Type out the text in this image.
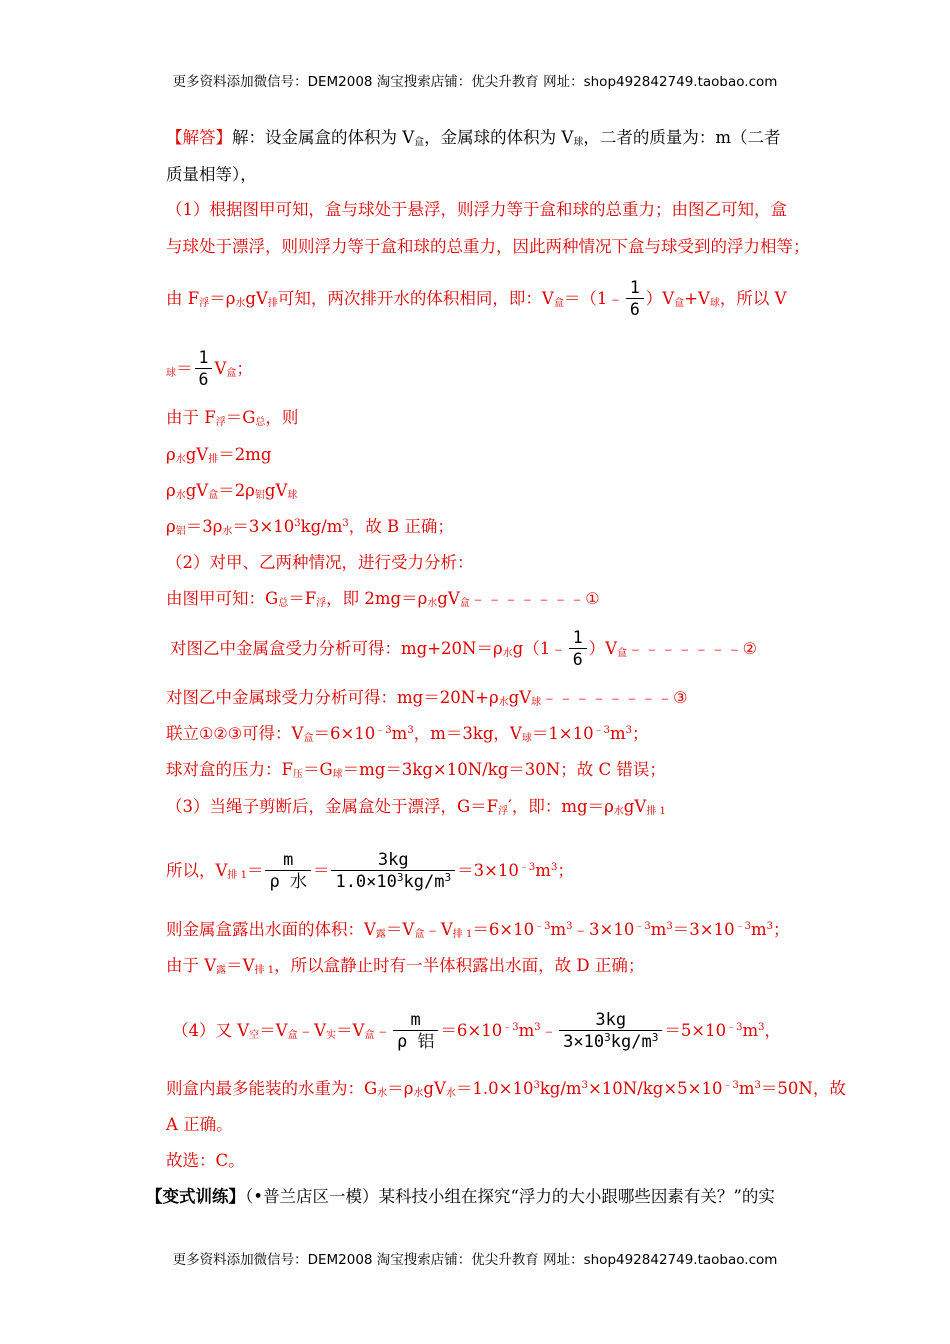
更多资料添加微信号：DEM2008 淘宝搜索店铺：优尖升教育 网址：shop492842749.taobao.com

【解答】解：设金属盒的体积为 $V_盒$，金属球的体积为 $V_球$，二者的质量为：m（二者

质量相等），

（1）根据图甲可知，盒与球处于悬浮，则浮力等于盒和球的总重力；由图乙可知，盒

与球处于漂浮，则则浮力等于盒和球的总重力，因此两种情况下盒与球受到的浮力相等；

由 $F_浮=\rho_水gV_排$可知，两次排开水的体积相同，即：$V_盒=(1﹣ \frac{1}{6} )V_盒+V_球$，所以 V

$_球= \frac{1}{6} V_盒$；

由于 $F_浮=G_总$，则

$\rho_水gV_排=2mg$

$\rho_水gV_盒=2\rho_铝gV_球$

$\rho_铝=3\rho_水=3\times 10^3kg/m^3$，故 B 正确；

（2）对甲、乙两种情况，进行受力分析：

由图甲可知：$G_总=F_浮$，即 $2mg=\rho_水gV_盒﹣﹣﹣﹣﹣﹣﹣①$

对图乙中金属盒受力分析可得：$mg+20N=\rho_水g(1﹣ \frac{1}{6}$ ）$V_盒﹣﹣﹣﹣﹣﹣﹣②$

对图乙中金属球受力分析可得：$mg=20N+\rho_水gV_球﹣﹣﹣﹣﹣﹣﹣﹣③$

联立①②③可得：$V_盒=6\times 10^{﹣3}m^3$，m＝3kg，$V_球=1\times 10^{﹣3}m^3$；

球对盒的压力：$F_压=G_球=mg=3kg\times 10N/kg=30N$；故 C 错误；

（3）当绳子剪断后，金属盒处于漂浮，$G=F_浮'$，即：$mg=\rho_水gV_{排 1}$

所以，$V_{排 1}= \frac{m}{\text{ρ 水}} = \frac{3kg}{1.0\times 10^3kg/m^3} =3\times 10^{﹣3}m^3$；

则金属盒露出水面的体积：$V_露=V_盒﹣V_{排 1}=6\times 10^{﹣3}m^3﹣3\times 10^{﹣3}m^3=3\times 10^{﹣3}m^3$；

由于 $V_露=V_{排 1}$，所以盒静止时有一半体积露出水面，故 D 正确；

（4）又 $V_空=V_盒﹣V_实=V_盒﹣ \frac{m}{\text{ρ 铝}}$ $=6\times 10^{﹣3}m^3﹣ \frac{3kg}{3\times 10^3kg/m^3} =5\times 10^{﹣3}m^3$，

则盒内最多能装的水重为：$G_水=\rho_水gV_水=1.0\times 10^3kg/m^3\times 10N/kg\times 5\times 10^{﹣3}m^3=50N$，故

A 正确。

故选：C。

【变式训练】（•普兰店区一模）某科技小组在探究“浮力的大小跟哪些因素有关？”的实

更多资料添加微信号：DEM2008 淘宝搜索店铺：优尖升教育 网址：shop492842749.taobao.com
